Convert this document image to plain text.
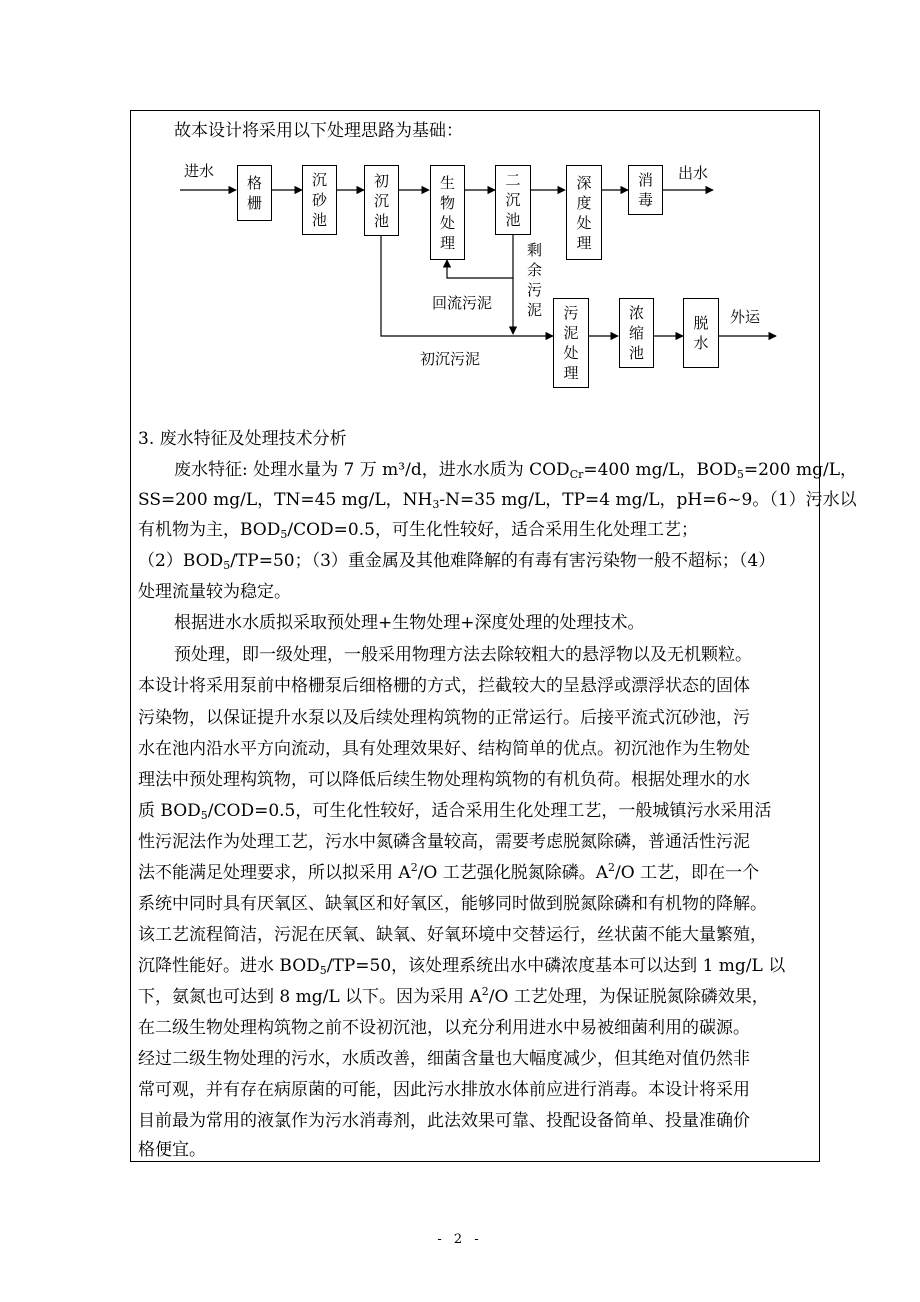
故本设计将采用以下处理思路为基础：
进水	出水
外运
回流污泥
剩余污泥
初沉污泥
格栅
沉砂池
初沉池
生物处理
二沉池
深度处理
消毒
污泥处理
浓缩池
脱水
3. 废水特征及处理技术分析
废水特征: 处理水量为 7 万 m³/d，进水水质为 $COD_{Cr}=400$ mg/L，$BOD_5=200$ mg/L，
SS=200 mg/L，TN=45 mg/L，$NH_3-N=35$ mg/L，TP=4 mg/L，pH=6~9。（1）污水以
有机物为主，$BOD_5/COD=0.5$，可生化性较好，适合采用生化处理工艺；
$(2)BOD_5/TP=50$；（3）重金属及其他难降解的有毒有害污染物一般不超标；（4）
处理流量较为稳定。
根据进水水质拟采取预处理+生物处理+深度处理的处理技术。
预处理，即一级处理，一般采用物理方法去除较粗大的悬浮物以及无机颗粒。
本设计将采用泵前中格栅泵后细格栅的方式，拦截较大的呈悬浮或漂浮状态的固体
污染物，以保证提升水泵以及后续处理构筑物的正常运行。后接平流式沉砂池，污
水在池内沿水平方向流动，具有处理效果好、结构简单的优点。初沉池作为生物处
理法中预处理构筑物，可以降低后续生物处理构筑物的有机负荷。根据处理水的水
质 $BOD_5/COD=0.5$，可生化性较好，适合采用生化处理工艺，一般城镇污水采用活
性污泥法作为处理工艺，污水中氮磷含量较高，需要考虑脱氮除磷，普通活性污泥
法不能满足处理要求，所以拟采用 $A^2/O$ 工艺强化脱氮除磷。$A^2/O$ 工艺，即在一个
系统中同时具有厌氧区、缺氧区和好氧区，能够同时做到脱氮除磷和有机物的降解。
该工艺流程简洁，污泥在厌氧、缺氧、好氧环境中交替运行，丝状菌不能大量繁殖，
沉降性能好。进水 $BOD_5/TP=50$，该处理系统出水中磷浓度基本可以达到 1 mg/L 以
下，氨氮也可达到 8 mg/L 以下。因为采用 $A^2/O$ 工艺处理，为保证脱氮除磷效果，
在二级生物处理构筑物之前不设初沉池，以充分利用进水中易被细菌利用的碳源。
经过二级生物处理的污水，水质改善，细菌含量也大幅度减少，但其绝对值仍然非
常可观，并有存在病原菌的可能，因此污水排放水体前应进行消毒。本设计将采用
目前最为常用的液氯作为污水消毒剂，此法效果可靠、投配设备简单、投量准确价
格便宜。
- 2 -
